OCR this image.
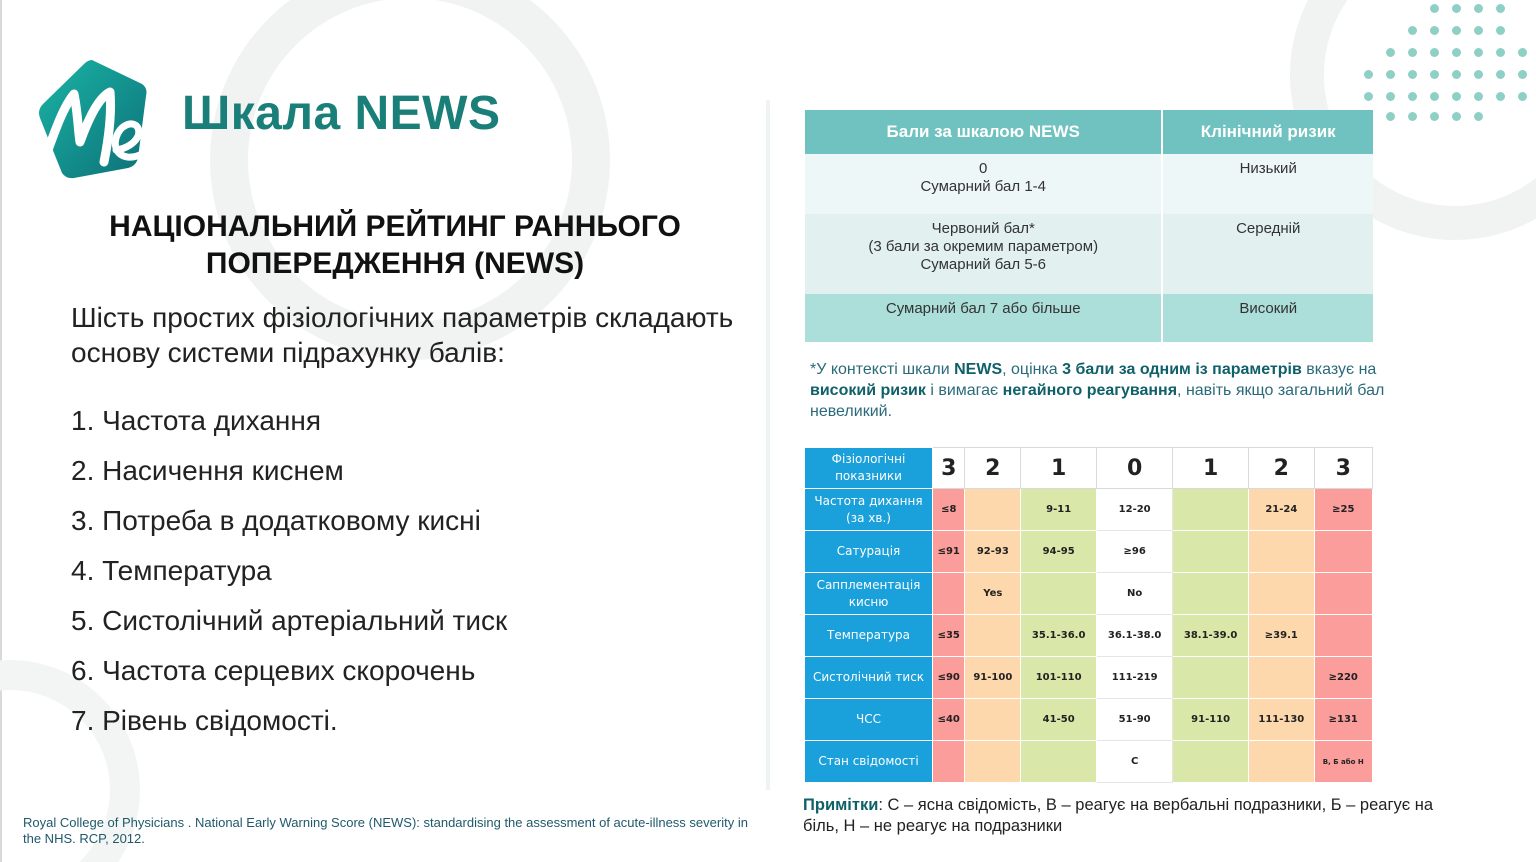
Шкала NEWS
НАЦІОНАЛЬНИЙ РЕЙТИНГ РАННЬОГО ПОПЕРЕДЖЕННЯ (NEWS)
Шість простих фізіологічних параметрів складають основу системи підрахунку балів:
1. Частота дихання
2. Насичення киснем
3. Потреба в додатковому кисні
4. Температура
5. Систолічний артеріальний тиск
6. Частота серцевих скорочень
7. Рівень свідомості.
Royal College of Physicians . National Early Warning Score (NEWS): standardising the assessment of acute-illness severity in the NHS. RCP, 2012.
Бали за шкалою NEWS	Клінічний ризик

0
Сумарний бал 1-4	Низький

Червоний бал*
(3 бали за окремим параметром)
Сумарний бал 5-6	Середній

Сумарний бал 7 або більше	Високий
*У контексті шкали NEWS, оцінка 3 бали за одним із параметрів вказує на високий ризик і вимагає негайного реагування, навіть якщо загальний бал невеликий.
Фізіологічні показники	3	2	1	0	1	2	3
Частота дихання (за хв.)	≤8		9-11	12-20		21-24	≥25
Сатурація	≤91	92-93	94-95	≥96			
Сапплементація кисню		Yes		No			
Температура	≤35		35.1-36.0	36.1-38.0	38.1-39.0	≥39.1	
Систолічний тиск	≤90	91-100	101-110	111-219			≥220
ЧСС	≤40		41-50	51-90	91-110	111-130	≥131
Стан свідомості				C			В, Б або Н
Примітки: С – ясна свідомість, В – реагує на вербальні подразники, Б – реагує на біль, Н – не реагує на подразники
